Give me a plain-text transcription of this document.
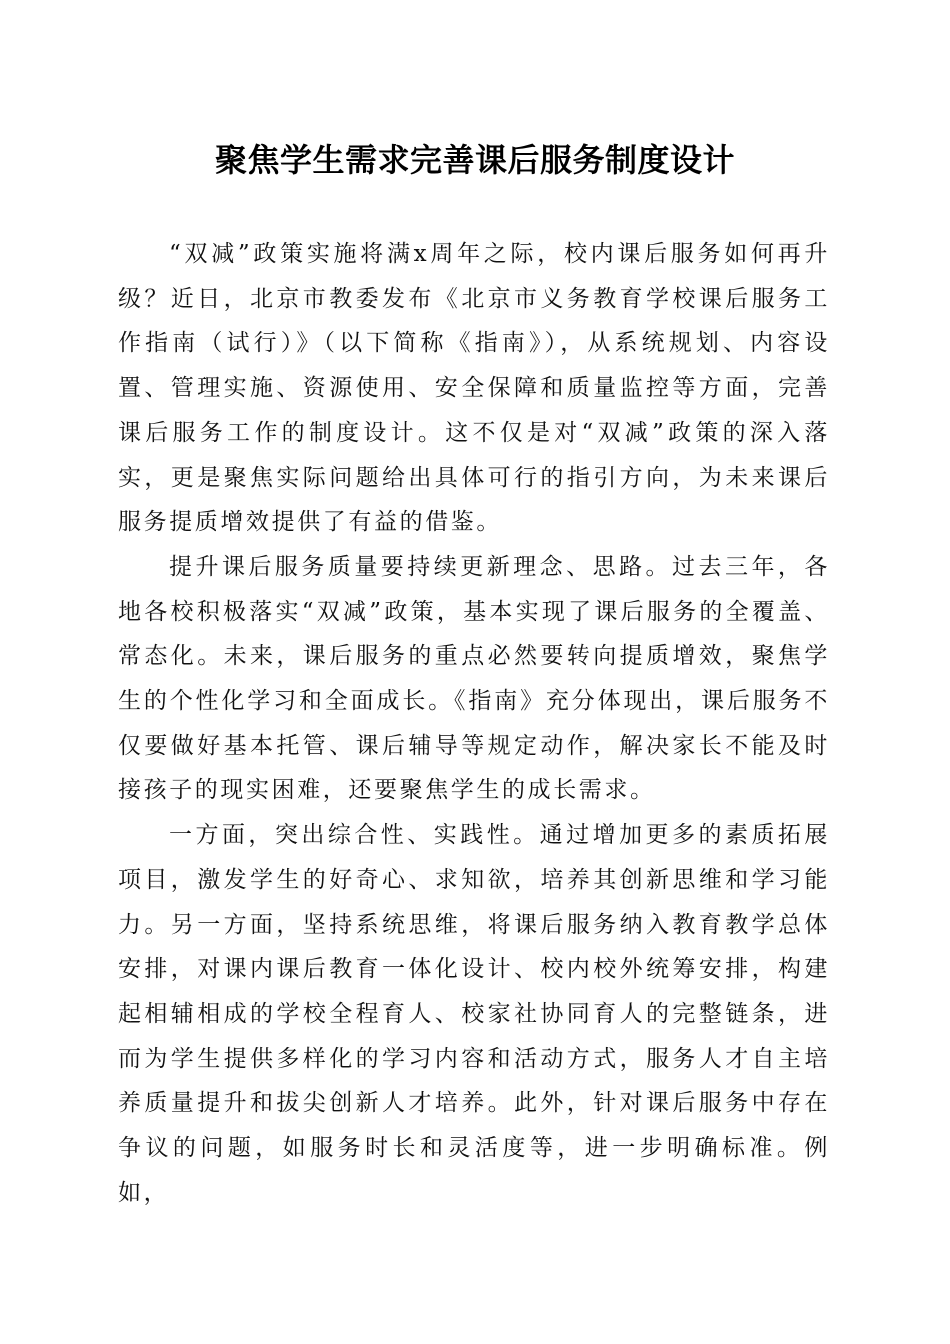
聚焦学生需求完善课后服务制度设计

“双减”政策实施将满x周年之际，校内课后服务如何再升级？近日，北京市教委发布《北京市义务教育学校课后服务工作指南（试行）》（以下简称《指南》），从系统规划、内容设置、管理实施、资源使用、安全保障和质量监控等方面，完善课后服务工作的制度设计。这不仅是对“双减”政策的深入落实，更是聚焦实际问题给出具体可行的指引方向，为未来课后服务提质增效提供了有益的借鉴。

提升课后服务质量要持续更新理念、思路。过去三年，各地各校积极落实“双减”政策，基本实现了课后服务的全覆盖、常态化。未来，课后服务的重点必然要转向提质增效，聚焦学生的个性化学习和全面成长。《指南》充分体现出，课后服务不仅要做好基本托管、课后辅导等规定动作，解决家长不能及时接孩子的现实困难，还要聚焦学生的成长需求。

一方面，突出综合性、实践性。通过增加更多的素质拓展项目，激发学生的好奇心、求知欲，培养其创新思维和学习能力。另一方面，坚持系统思维，将课后服务纳入教育教学总体安排，对课内课后教育一体化设计、校内校外统筹安排，构建起相辅相成的学校全程育人、校家社协同育人的完整链条，进而为学生提供多样化的学习内容和活动方式，服务人才自主培养质量提升和拔尖创新人才培养。此外，针对课后服务中存在争议的问题，如服务时长和灵活度等，进一步明确标准。例如，
